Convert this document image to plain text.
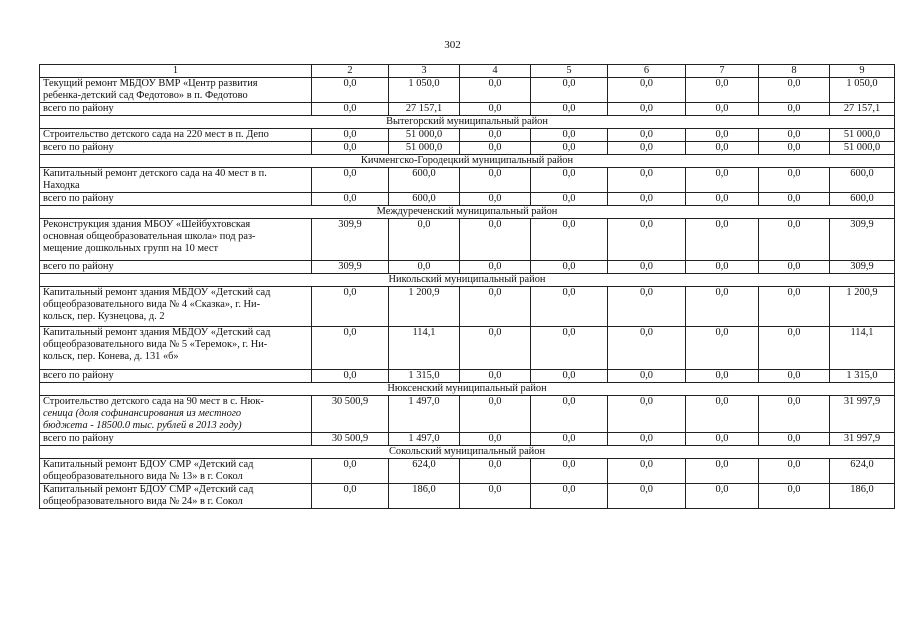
302
1	2	3	4	5	6	7	8	9

Текущий ремонт МБДОУ ВМР «Центр развития
ребенка-детский сад Федотово» в п. Федотово	0,0	1 050,0	0,0	0,0	0,0	0,0	0,0	1 050,0

всего по району	0,0	27 157,1	0,0	0,0	0,0	0,0	0,0	27 157,1
Вытегорский муниципальный район								

Строительство детского сада на 220 мест в п. Депо	0,0	51 000,0	0,0	0,0	0,0	0,0	0,0	51 000,0

всего по району	0,0	51 000,0	0,0	0,0	0,0	0,0	0,0	51 000,0
Кичменгско-Городецкий муниципальный район								

Капитальный ремонт детского сада на 40 мест в п.
Находка	0,0	600,0	0,0	0,0	0,0	0,0	0,0	600,0

всего по району	0,0	600,0	0,0	0,0	0,0	0,0	0,0	600,0
Междуреченский муниципальный район								

Реконструкция здания МБОУ «Шейбухтовская
основная общеобразовательная школа» под раз-
мещение дошкольных групп на 10 мест	309,9	0,0	0,0	0,0	0,0	0,0	0,0	309,9

всего по району	309,9	0,0	0,0	0,0	0,0	0,0	0,0	309,9
Никольский муниципальный район								

Капитальный ремонт здания МБДОУ «Детский сад
общеобразовательного вида № 4 «Сказка», г. Ни-
кольск, пер. Кузнецова, д. 2	0,0	1 200,9	0,0	0,0	0,0	0,0	0,0	1 200,9

Капитальный ремонт здания МБДОУ «Детский сад
общеобразовательного вида № 5 «Теремок», г. Ни-
кольск, пер. Конева, д. 131 «б»	0,0	114,1	0,0	0,0	0,0	0,0	0,0	114,1

всего по району	0,0	1 315,0	0,0	0,0	0,0	0,0	0,0	1 315,0
Нюксенский муниципальный район								

Строительство детского сада на 90 мест в с. Нюк-
сеница (доля софинансирования из местного
бюджета - 18500.0 тыс. рублей в 2013 году)	30 500,9	1 497,0	0,0	0,0	0,0	0,0	0,0	31 997,9

всего по району	30 500,9	1 497,0	0,0	0,0	0,0	0,0	0,0	31 997,9
Сокольский муниципальный район								

Капитальный ремонт БДОУ СМР «Детский сад
общеобразовательного вида № 13» в г. Сокол	0,0	624,0	0,0	0,0	0,0	0,0	0,0	624,0

Капитальный ремонт БДОУ СМР «Детский сад
общеобразовательного вида № 24» в г. Сокол	0,0	186,0	0,0	0,0	0,0	0,0	0,0	186,0
